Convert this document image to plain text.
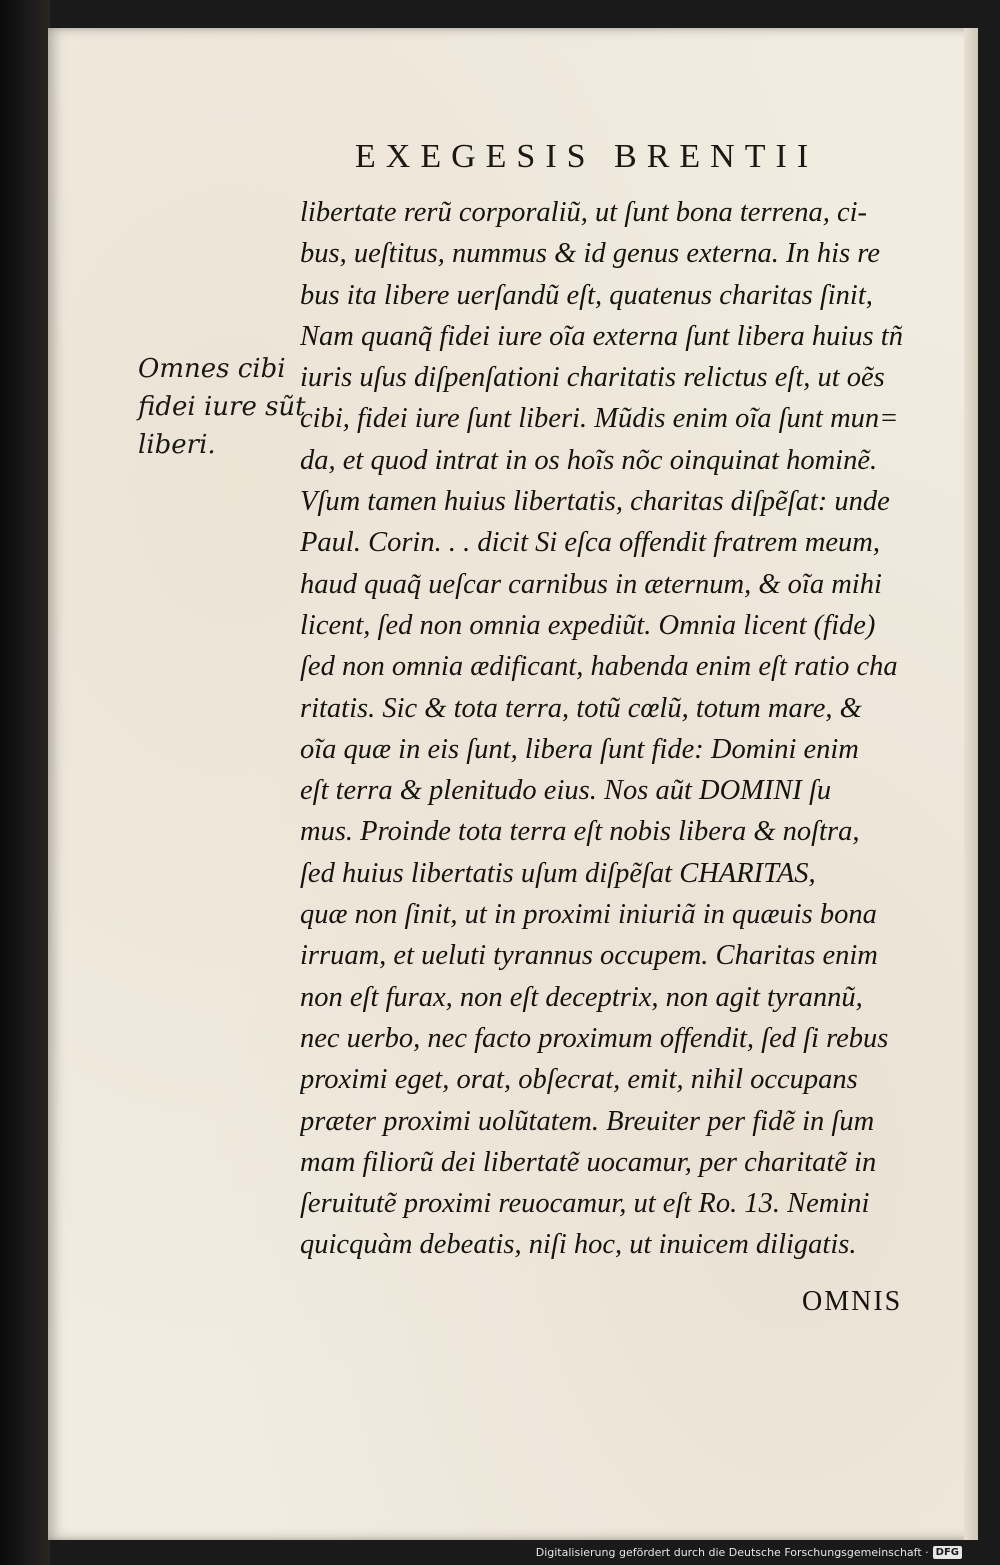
EXEGESIS BRENTII
Omnes cibi
fidei iure sũt
liberi.
libertate rerũ corporaliũ, ut ſunt bona terrena, ci-
bus, ueſtitus, nummus & id genus externa. In his re
bus ita libere uerſandũ eſt, quatenus charitas ſinit,
Nam quanq̃ fidei iure oĩa externa ſunt libera huius tñ
iuris uſus diſpenſationi charitatis relictus eſt, ut oẽs
cibi, fidei iure ſunt liberi. Mũdis enim oĩa ſunt mun=
da, et quod intrat in os hoĩs nõc oinquinat hominẽ.
Vſum tamen huius libertatis, charitas diſpẽſat: unde
Paul. Corin. . . dicit Si eſca offendit fratrem meum,
haud quaq̃ ueſcar carnibus in æternum, & oĩa mihi
licent, ſed non omnia expediũt. Omnia licent (fide)
ſed non omnia ædificant, habenda enim eſt ratio cha
ritatis. Sic & tota terra, totũ cœlũ, totum mare, &
oĩa quæ in eis ſunt, libera ſunt fide: Domini enim
eſt terra & plenitudo eius. Nos aũt DOMINI ſu
mus. Proinde tota terra eſt nobis libera & noſtra,
ſed huius libertatis uſum diſpẽſat CHARITAS,
quæ non ſinit, ut in proximi iniuriã in quæuis bona
irruam, et ueluti tyrannus occupem. Charitas enim
non eſt furax, non eſt deceptrix, non agit tyrannũ,
nec uerbo, nec facto proximum offendit, ſed ſi rebus
proximi eget, orat, obſecrat, emit, nihil occupans
præter proximi uolũtatem. Breuiter per fidẽ in ſum
mam filiorũ dei libertatẽ uocamur, per charitatẽ in
ſeruitutẽ proximi reuocamur, ut eſt Ro. 13. Nemini
quicquàm debeatis, niſi hoc, ut inuicem diligatis.
OMNIS
Digitalisierung gefördert durch die Deutsche Forschungsgemeinschaft · DFG
